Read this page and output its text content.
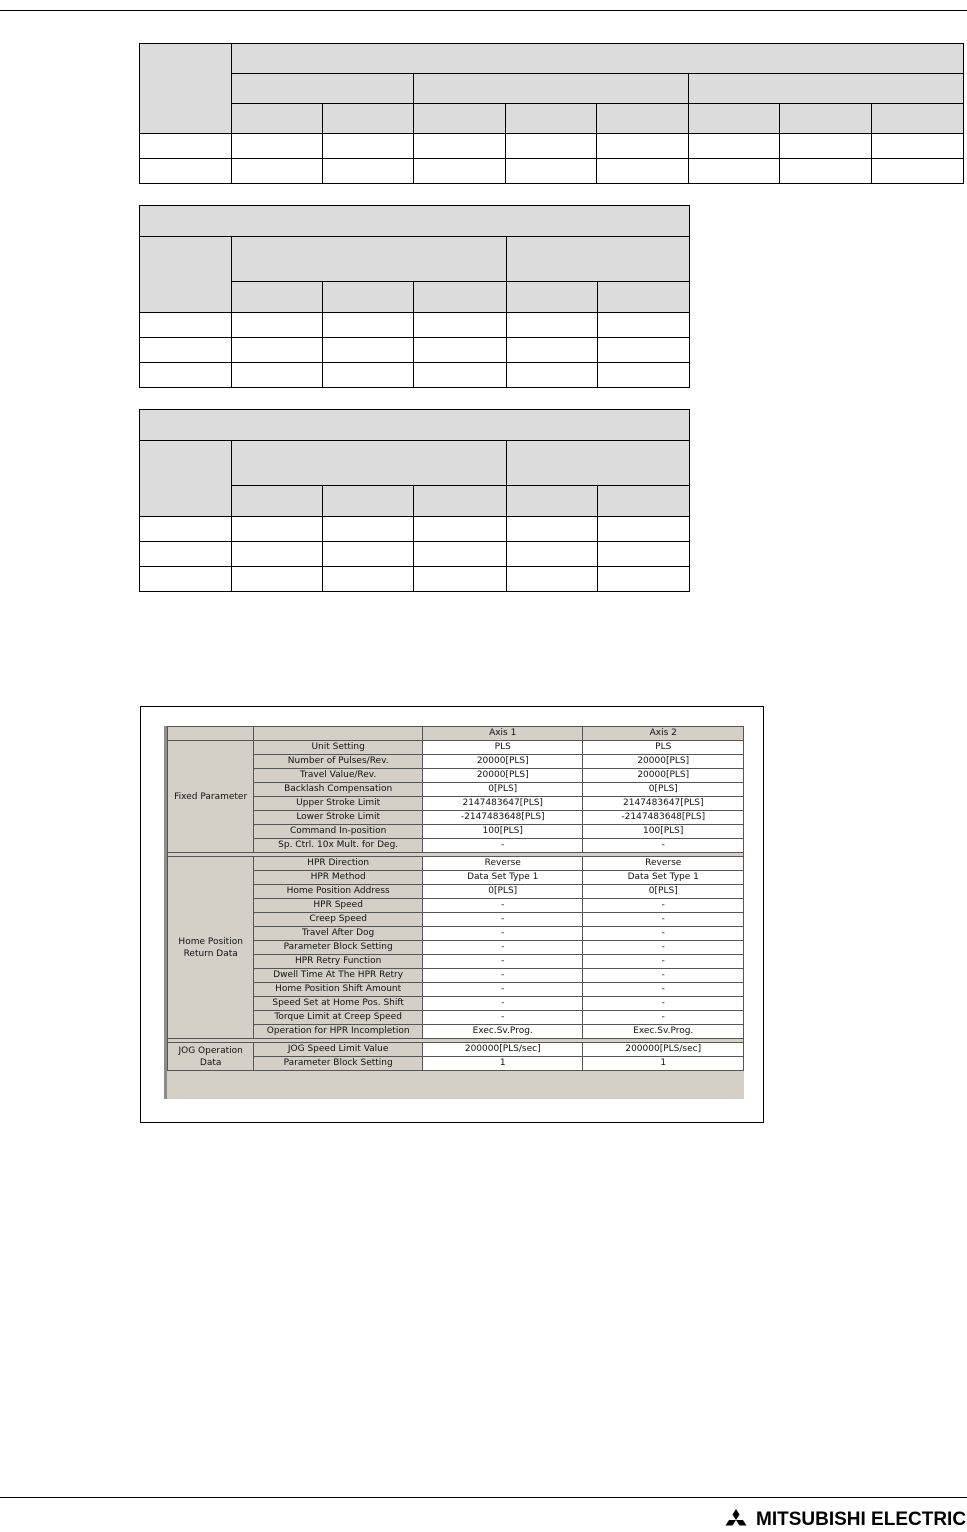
		Axis 1	Axis 2
Fixed Parameter	Unit Setting	PLS	PLS
	Number of Pulses/Rev.	20000[PLS]	20000[PLS]
	Travel Value/Rev.	20000[PLS]	20000[PLS]
	Backlash Compensation	0[PLS]	0[PLS]
	Upper Stroke Limit	2147483647[PLS]	2147483647[PLS]
	Lower Stroke Limit	-2147483648[PLS]	-2147483648[PLS]
	Command In-position	100[PLS]	100[PLS]
	Sp. Ctrl. 10x Mult. for Deg.	-	-

Home Position Return Data	HPR Direction	Reverse	Reverse
	HPR Method	Data Set Type 1	Data Set Type 1
	Home Position Address	0[PLS]	0[PLS]
	HPR Speed	-	-
	Creep Speed	-	-
	Travel After Dog	-	-
	Parameter Block Setting	-	-
	HPR Retry Function	-	-
	Dwell Time At The HPR Retry	-	-
	Home Position Shift Amount	-	-
	Speed Set at Home Pos. Shift	-	-
	Torque Limit at Creep Speed	-	-
	Operation for HPR Incompletion	Exec.Sv.Prog.	Exec.Sv.Prog.

JOG Operation Data	JOG Speed Limit Value	200000[PLS/sec]	200000[PLS/sec]
	Parameter Block Setting	1	1
MITSUBISHI ELECTRIC
